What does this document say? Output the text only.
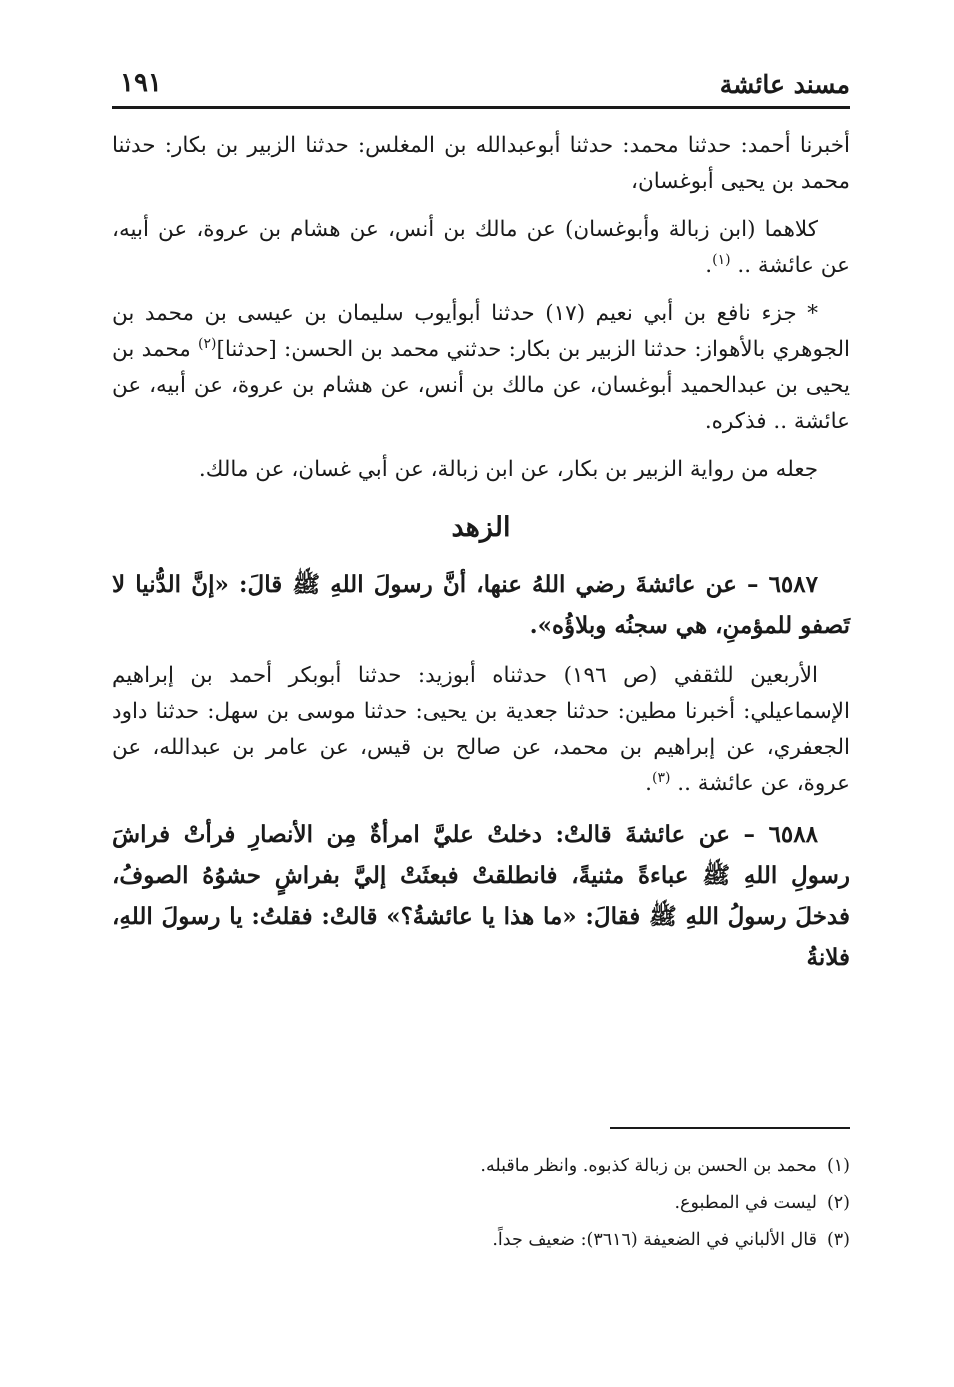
مسند عائشة
١٩١

أخبرنا أحمد: حدثنا محمد: حدثنا أبوعبدالله بن المغلس: حدثنا الزبير بن بكار: حدثنا محمد بن يحيى أبوغسان،

كلاهما (ابن زبالة وأبوغسان) عن مالك بن أنس، عن هشام بن عروة، عن أبيه، عن عائشة .. $^{(١)}$.

* جزء نافع بن أبي نعيم (١٧) حدثنا أبوأيوب سليمان بن عيسى بن محمد بن الجوهري بالأهواز: حدثنا الزبير بن بكار: حدثني محمد بن الحسن: [حدثنا]$^{(٢)}$ محمد بن يحيى بن عبدالحميد أبوغسان، عن مالك بن أنس، عن هشام بن عروة، عن أبيه، عن عائشة .. فذكره.

جعله من رواية الزبير بن بكار، عن ابن زبالة، عن أبي غسان، عن مالك.

الزهد

٦٥٨٧ – عن عائشةَ رضي اللهُ عنها، أنَّ رسولَ اللهِ ﷺ قالَ: «إنَّ الدُّنيا لا تَصفو للمؤمنِ، هي سجنُه وبلاؤُه».

الأربعين للثقفي (ص ١٩٦) حدثناه أبوزيد: حدثنا أبوبكر أحمد بن إبراهيم الإسماعيلي: أخبرنا مطين: حدثنا جعدية بن يحيى: حدثنا موسى بن سهل: حدثنا داود الجعفري، عن إبراهيم بن محمد، عن صالح بن قيس، عن عامر بن عبدالله، عن عروة، عن عائشة .. $^{(٣)}$.

٦٥٨٨ – عن عائشةَ قالتْ: دخلتْ عليَّ امرأةٌ مِن الأنصارِ فرأتْ فراشَ رسولِ اللهِ ﷺ عباءةً مثنيةً، فانطلقتْ فبعثَتْ إليَّ بفراشٍ حشوُهُ الصوفُ، فدخلَ رسولُ اللهِ ﷺ فقالَ: «ما هذا يا عائشةُ؟» قالتْ: فقلتُ: يا رسولَ اللهِ، فلانةُ

(١)محمد بن الحسن بن زبالة كذبوه. وانظر ماقبله.
(٢)ليست في المطبوع.
(٣)قال الألباني في الضعيفة (٣٦١٦): ضعيف جداً.
